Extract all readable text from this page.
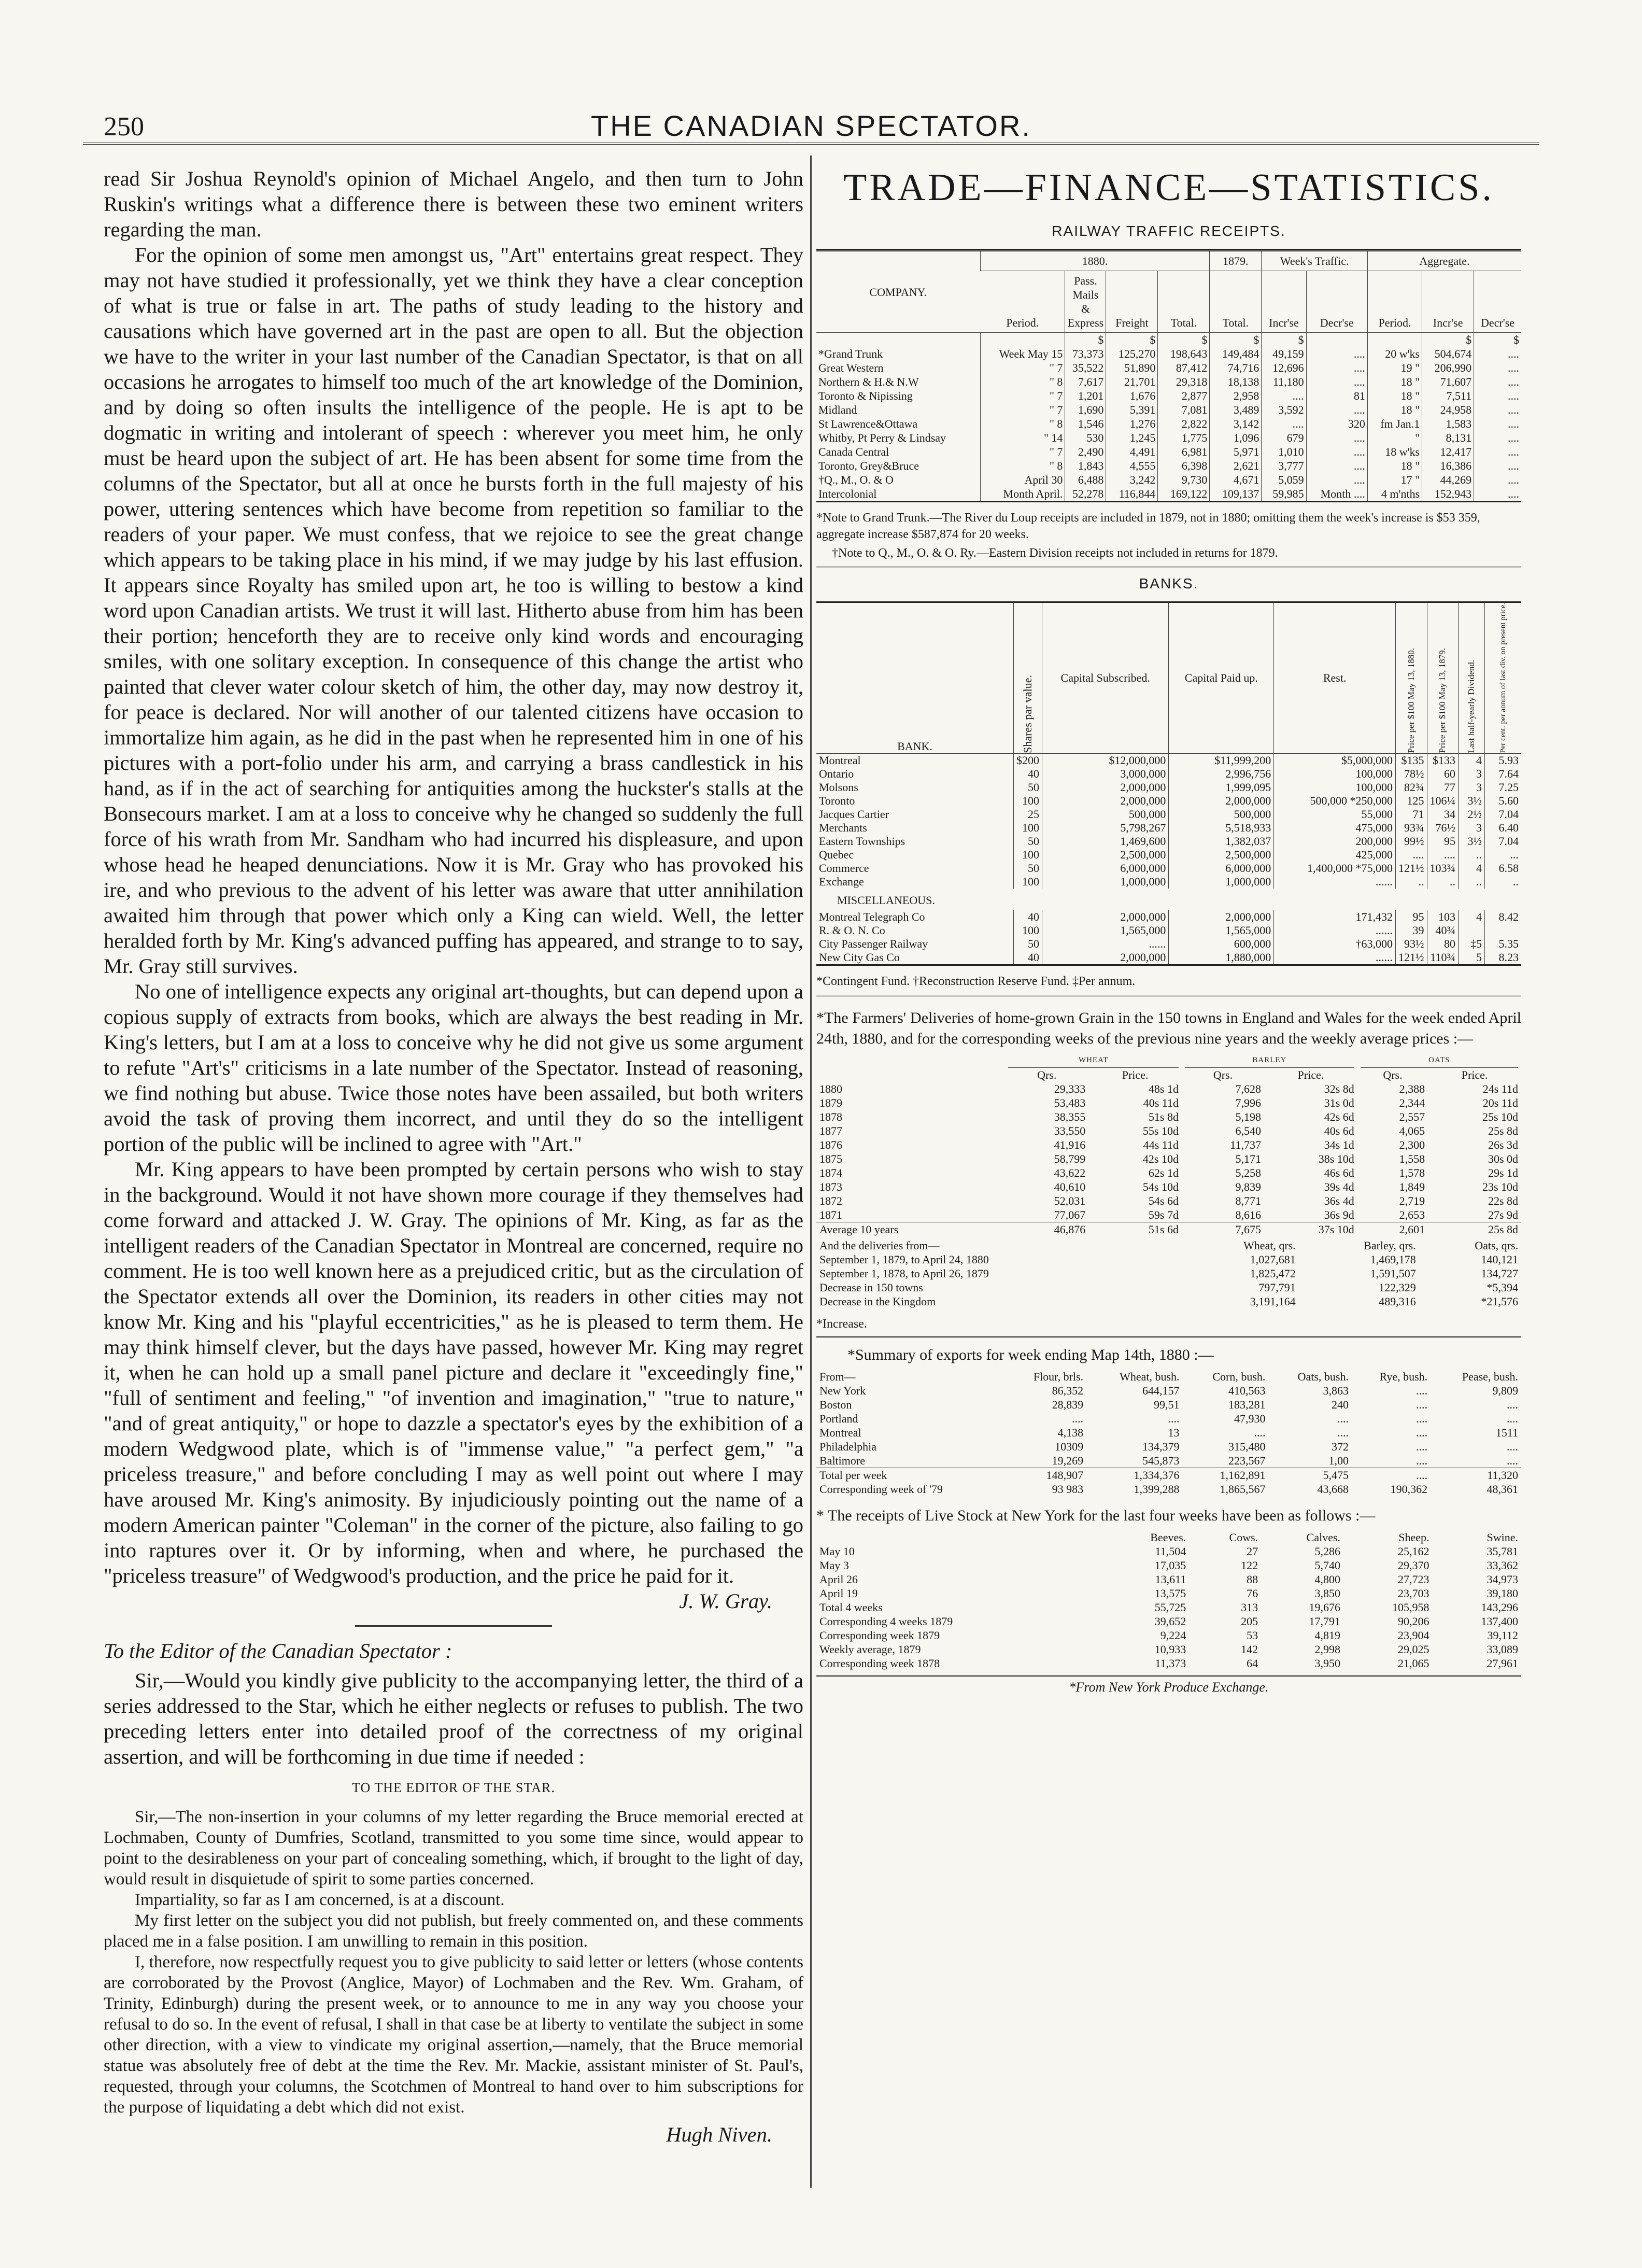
250	THE CANADIAN SPECTATOR.

read Sir Joshua Reynold's opinion of Michael Angelo, and then turn to John Ruskin's writings what a difference there is between these two eminent writers regarding the man.

For the opinion of some men amongst us, "Art" entertains great respect. They may not have studied it professionally, yet we think they have a clear conception of what is true or false in art. The paths of study leading to the history and causations which have governed art in the past are open to all. But the objection we have to the writer in your last number of the Canadian Spectator, is that on all occasions he arrogates to himself too much of the art knowledge of the Dominion, and by doing so often insults the intelligence of the people. He is apt to be dogmatic in writing and intolerant of speech : wherever you meet him, he only must be heard upon the subject of art. He has been absent for some time from the columns of the Spectator, but all at once he bursts forth in the full majesty of his power, uttering sentences which have become from repetition so familiar to the readers of your paper. We must confess, that we rejoice to see the great change which appears to be taking place in his mind, if we may judge by his last effusion. It appears since Royalty has smiled upon art, he too is willing to bestow a kind word upon Canadian artists. We trust it will last. Hitherto abuse from him has been their portion; henceforth they are to receive only kind words and encouraging smiles, with one solitary exception. In consequence of this change the artist who painted that clever water colour sketch of him, the other day, may now destroy it, for peace is declared. Nor will another of our talented citizens have occasion to immortalize him again, as he did in the past when he represented him in one of his pictures with a port-folio under his arm, and carrying a brass candlestick in his hand, as if in the act of searching for antiquities among the huckster's stalls at the Bonsecours market. I am at a loss to conceive why he changed so suddenly the full force of his wrath from Mr. Sandham who had incurred his displeasure, and upon whose head he heaped denunciations. Now it is Mr. Gray who has provoked his ire, and who previous to the advent of his letter was aware that utter annihilation awaited him through that power which only a King can wield. Well, the letter heralded forth by Mr. King's advanced puffing has appeared, and strange to to say, Mr. Gray still survives.

No one of intelligence expects any original art-thoughts, but can depend upon a copious supply of extracts from books, which are always the best reading in Mr. King's letters, but I am at a loss to conceive why he did not give us some argument to refute "Art's" criticisms in a late number of the Spectator. Instead of reasoning, we find nothing but abuse. Twice those notes have been assailed, but both writers avoid the task of proving them incorrect, and until they do so the intelligent portion of the public will be inclined to agree with "Art."

Mr. King appears to have been prompted by certain persons who wish to stay in the background. Would it not have shown more courage if they themselves had come forward and attacked J. W. Gray. The opinions of Mr. King, as far as the intelligent readers of the Canadian Spectator in Montreal are concerned, require no comment. He is too well known here as a prejudiced critic, but as the circulation of the Spectator extends all over the Dominion, its readers in other cities may not know Mr. King and his "playful eccentricities," as he is pleased to term them. He may think himself clever, but the days have passed, however Mr. King may regret it, when he can hold up a small panel picture and declare it "exceedingly fine," "full of sentiment and feeling," "of invention and imagination," "true to nature," "and of great antiquity," or hope to dazzle a spectator's eyes by the exhibition of a modern Wedgwood plate, which is of "immense value," "a perfect gem," "a priceless treasure," and before concluding I may as well point out where I may have aroused Mr. King's animosity. By injudiciously pointing out the name of a modern American painter "Coleman" in the corner of the picture, also failing to go into raptures over it. Or by informing, when and where, he purchased the "priceless treasure" of Wedgwood's production, and the price he paid for it.

J. W. Gray.

To the Editor of the Canadian Spectator :

Sir,—Would you kindly give publicity to the accompanying letter, the third of a series addressed to the Star, which he either neglects or refuses to publish. The two preceding letters enter into detailed proof of the correctness of my original assertion, and will be forthcoming in due time if needed :

TO THE EDITOR OF THE STAR.

Sir,—The non-insertion in your columns of my letter regarding the Bruce memorial erected at Lochmaben, County of Dumfries, Scotland, transmitted to you some time since, would appear to point to the desirableness on your part of concealing something, which, if brought to the light of day, would result in disquietude of spirit to some parties concerned.

Impartiality, so far as I am concerned, is at a discount.

My first letter on the subject you did not publish, but freely commented on, and these comments placed me in a false position. I am unwilling to remain in this position.

I, therefore, now respectfully request you to give publicity to said letter or letters (whose contents are corroborated by the Provost (Anglice, Mayor) of Lochmaben and the Rev. Wm. Graham, of Trinity, Edinburgh) during the present week, or to announce to me in any way you choose your refusal to do so. In the event of refusal, I shall in that case be at liberty to ventilate the subject in some other direction, with a view to vindicate my original assertion,—namely, that the Bruce memorial statue was absolutely free of debt at the time the Rev. Mr. Mackie, assistant minister of St. Paul's, requested, through your columns, the Scotchmen of Montreal to hand over to him subscriptions for the purpose of liquidating a debt which did not exist.

Hugh Niven.

TRADE—FINANCE—STATISTICS.
RAILWAY TRAFFIC RECEIPTS.
COMPANY.	1880.				1879.	Week's Traffic.		Aggregate.		
	Period.	Pass. Mails & Express	Freight	Total.	Total.	Incr'se	Decr'se	Period.	Incr'se	Decr'se
		$	$	$	$	$			$	$
*Grand Trunk	Week May 15	73,373	125,270	198,643	149,484	49,159	....	20 w'ks	504,674	....
Great Western	" 7	35,522	51,890	87,412	74,716	12,696	....	19 "	206,990	....
Northern & H.& N.W	" 8	7,617	21,701	29,318	18,138	11,180	....	18 "	71,607	....
Toronto & Nipissing	" 7	1,201	1,676	2,877	2,958	....	81	18 "	7,511	....
Midland	" 7	1,690	5,391	7,081	3,489	3,592	....	18 "	24,958	....
St Lawrence&Ottawa	" 8	1,546	1,276	2,822	3,142	....	320	fm Jan.1	1,583	....
Whitby, Pt Perry & Lindsay	" 14	530	1,245	1,775	1,096	679	....	"	8,131	....
Canada Central	" 7	2,490	4,491	6,981	5,971	1,010	....	18 w'ks	12,417	....
Toronto, Grey&Bruce	" 8	1,843	4,555	6,398	2,621	3,777	....	18 "	16,386	....
†Q., M., O. & O	April 30	6,488	3,242	9,730	4,671	5,059	....	17 "	44,269	....
Intercolonial	Month April.	52,278	116,844	169,122	109,137	59,985	Month ....	4 m'nths	152,943	....
*Note to Grand Trunk.—The River du Loup receipts are included in 1879, not in 1880; omitting them the week's increase is $53 359, aggregate increase $587,874 for 20 weeks.
†Note to Q., M., O. & O. Ry.—Eastern Division receipts not included in returns for 1879.
BANKS.
BANK.	Shares par value.	Capital Subscribed.	Capital Paid up.	Rest.	Price per $100 May 13, 1880.	Price per $100 May 13, 1879.	Last half-yearly Dividend.	Per cent. per annum of last div. on present price.

Montreal	$200	$12,000,000	$11,999,200	$5,000,000	$135	$133	4	5.93
Ontario	40	3,000,000	2,996,756	100,000	78½	60	3	7.64
Molsons	50	2,000,000	1,999,095	100,000	82¾	77	3	7.25
Toronto	100	2,000,000	2,000,000	500,000 *250,000	125	106¼	3½	5.60
Jacques Cartier	25	500,000	500,000	55,000	71	34	2½	7.04
Merchants	100	5,798,267	5,518,933	475,000	93¾	76½	3	6.40
Eastern Townships	50	1,469,600	1,382,037	200,000	99½	95	3½	7.04
Quebec	100	2,500,000	2,500,000	425,000	....	....	..	...
Commerce	50	6,000,000	6,000,000	1,400,000 *75,000	121½	103¾	4	6.58
Exchange	100	1,000,000	1,000,000	......	..	..	..	..
MISCELLANEOUS.								
Montreal Telegraph Co	40	2,000,000	2,000,000	171,432	95	103	4	8.42
R. & O. N. Co	100	1,565,000	1,565,000	......	39	40¾		
City Passenger Railway	50	......	600,000	†63,000	93½	80	‡5	5.35
New City Gas Co	40	2,000,000	1,880,000	......	121½	110¾	5	8.23
*Contingent Fund. †Reconstruction Reserve Fund. ‡Per annum.
*The Farmers' Deliveries of home-grown Grain in the 150 towns in England and Wales for the week ended April 24th, 1880, and for the corresponding weeks of the previous nine years and the weekly average prices :—

	WHEAT		BARLEY		OATS	

	Qrs.	Price.	Qrs.	Price.	Qrs.	Price.
1880	29,333	48s 1d	7,628	32s 8d	2,388	24s 11d
1879	53,483	40s 11d	7,996	31s 0d	2,344	20s 11d
1878	38,355	51s 8d	5,198	42s 6d	2,557	25s 10d
1877	33,550	55s 10d	6,540	40s 6d	4,065	25s 8d
1876	41,916	44s 11d	11,737	34s 1d	2,300	26s 3d
1875	58,799	42s 10d	5,171	38s 10d	1,558	30s 0d
1874	43,622	62s 1d	5,258	46s 6d	1,578	29s 1d
1873	40,610	54s 10d	9,839	39s 4d	1,849	23s 10d
1872	52,031	54s 6d	8,771	36s 4d	2,719	22s 8d
1871	77,067	59s 7d	8,616	36s 9d	2,653	27s 9d
Average 10 years	46,876	51s 6d	7,675	37s 10d	2,601	25s 8d
And the deliveries from—	Wheat, qrs.	Barley, qrs.	Oats, qrs.
September 1, 1879, to April 24, 1880	1,027,681	1,469,178	140,121
September 1, 1878, to April 26, 1879	1,825,472	1,591,507	134,727
Decrease in 150 towns	797,791	122,329	*5,394
Decrease in the Kingdom	3,191,164	489,316	*21,576
*Increase.
*Summary of exports for week ending Map 14th, 1880 :—
From—	Flour, brls.	Wheat, bush.	Corn, bush.	Oats, bush.	Rye, bush.	Pease, bush.
New York	86,352	644,157	410,563	3,863	....	9,809
Boston	28,839	99,51	183,281	240	....	....
Portland	....	....	47,930	....	....	....
Montreal	4,138	13	....	....	....	1511
Philadelphia	10309	134,379	315,480	372	....	....
Baltimore	19,269	545,873	223,567	1,00	....	....
Total per week	148,907	1,334,376	1,162,891	5,475	....	11,320
Corresponding week of '79	93 983	1,399,288	1,865,567	43,668	190,362	48,361
* The receipts of Live Stock at New York for the last four weeks have been as follows :—
	Beeves.	Cows.	Calves.	Sheep.	Swine.
May 10	11,504	27	5,286	25,162	35,781
May 3	17,035	122	5,740	29,370	33,362
April 26	13,611	88	4,800	27,723	34,973
April 19	13,575	76	3,850	23,703	39,180
Total 4 weeks	55,725	313	19,676	105,958	143,296
Corresponding 4 weeks 1879	39,652	205	17,791	90,206	137,400
Corresponding week 1879	9,224	53	4,819	23,904	39,112
Weekly average, 1879	10,933	142	2,998	29,025	33,089
Corresponding week 1878	11,373	64	3,950	21,065	27,961
*From New York Produce Exchange.
